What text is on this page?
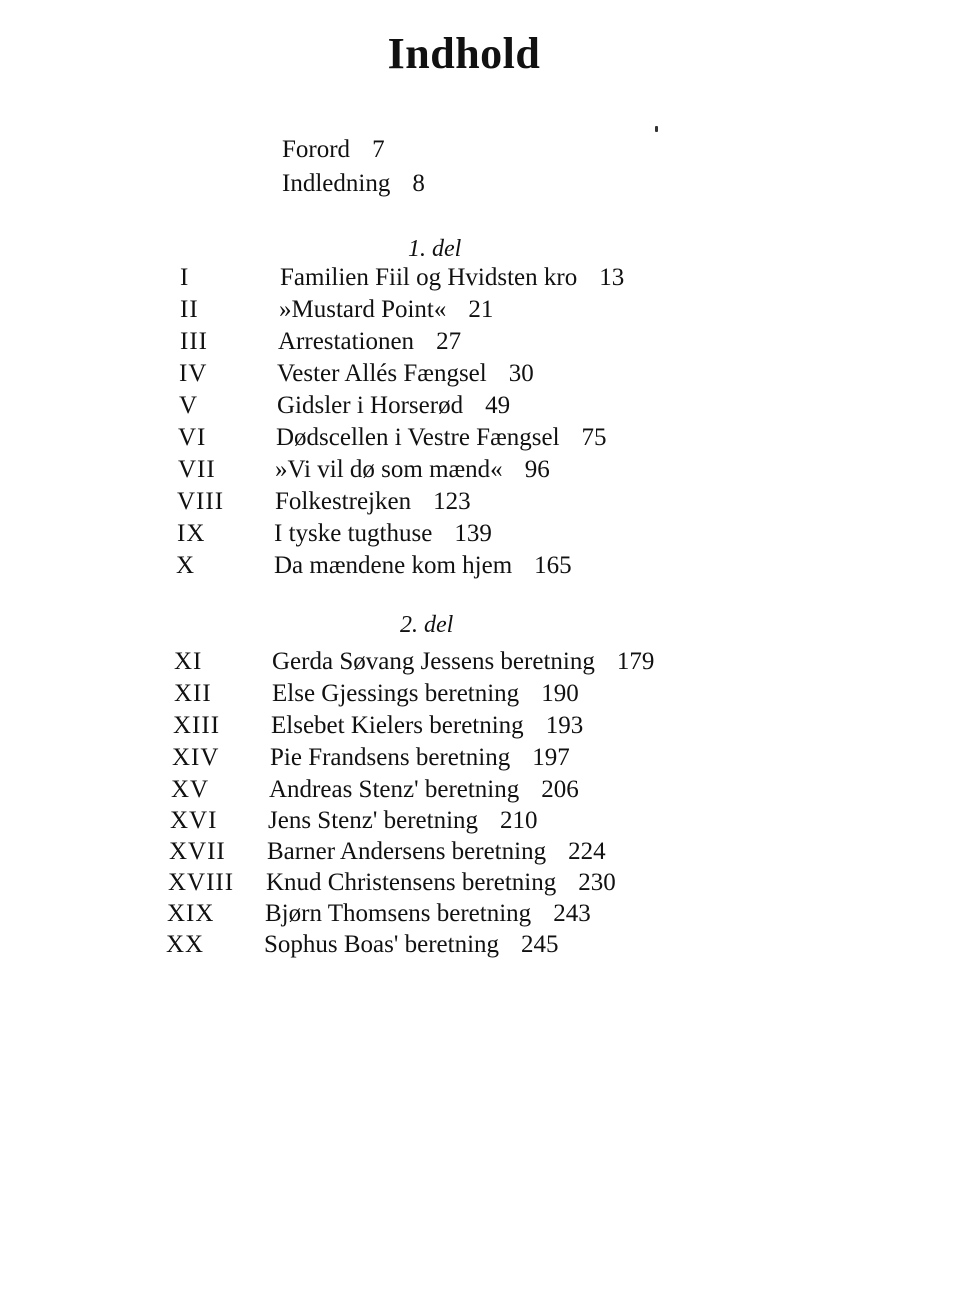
Indhold
Forord 7
Indledning 8
1. del
I	Familien Fiil og Hvidsten kro 13
II	»Mustard Point« 21
III	Arrestationen 27
IV	Vester Allés Fængsel 30
V	Gidsler i Horserød 49
VI	Dødscellen i Vestre Fængsel 75
VII »Vi vil dø som mænd« 96
VIII Folkestrejken 123
IX	I tyske tugthuse 139
X	Da mændene kom hjem 165
2. del
XI	Gerda Søvang Jessens beretning 179
XII Else Gjessings beretning 190
XIII Elsebet Kielers beretning 193
XIV Pie Frandsens beretning 197
XV Andreas Stenz' beretning 206
XVI Jens Stenz' beretning 210
XVII Barner Andersens beretning 224
XVIII Knud Christensens beretning 230
XIX Bjørn Thomsens beretning 243
XX Sophus Boas' beretning 245
